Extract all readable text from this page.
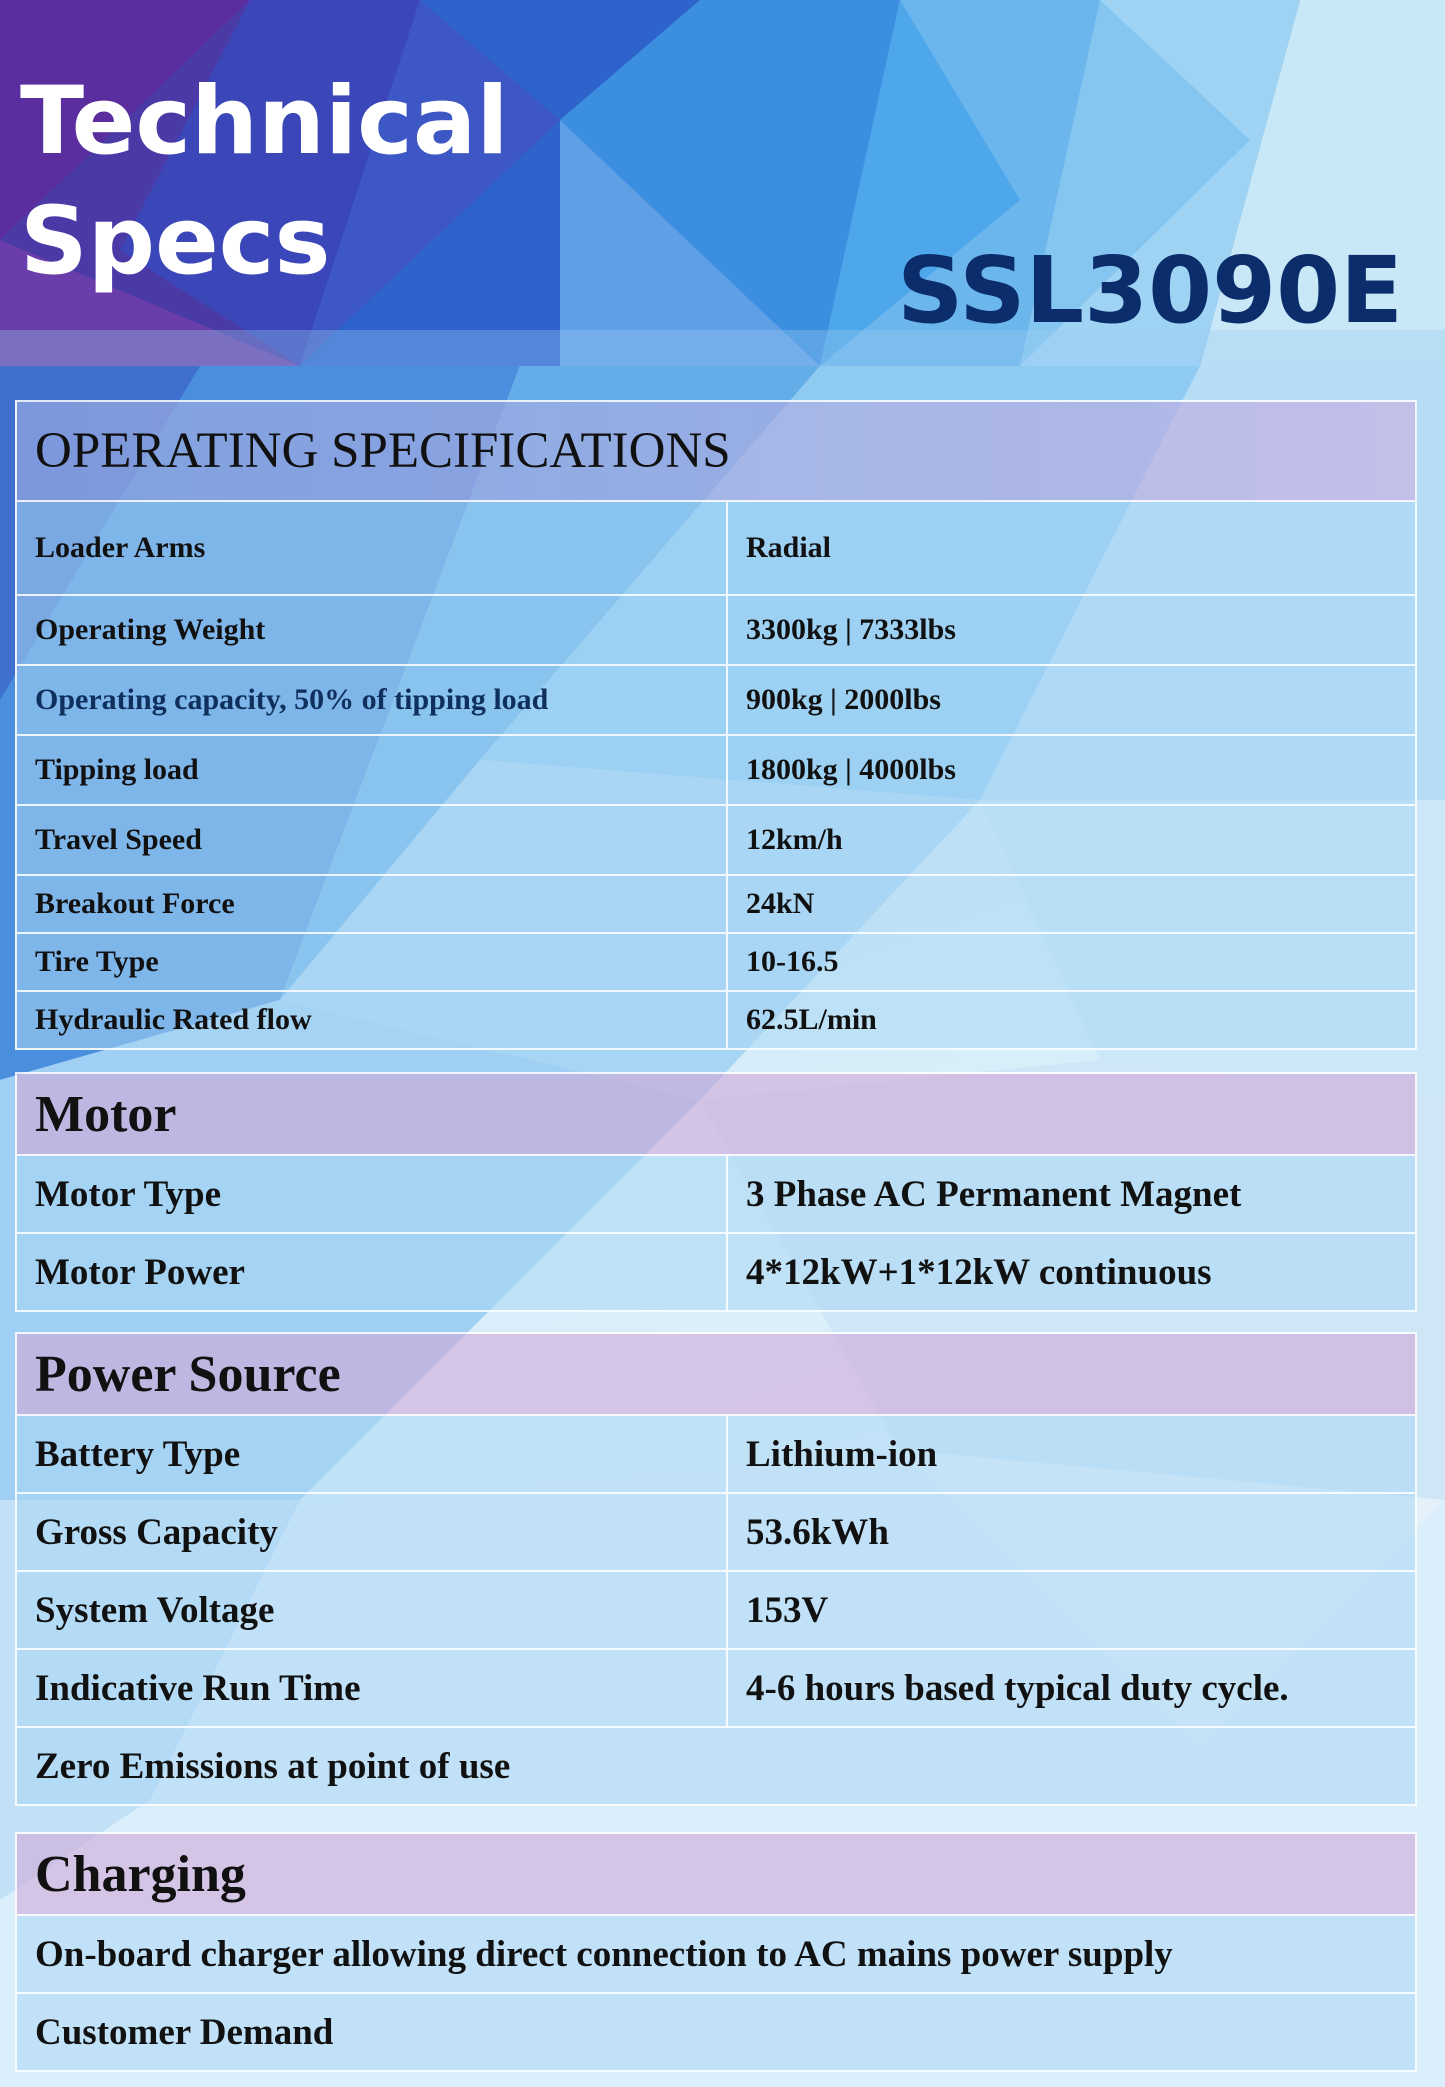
Technical
Specs	SSL3090E
OPERATING SPECIFICATIONS
Loader Arms	Radial
Operating Weight	3300kg | 7333lbs
Operating capacity, 50% of tipping load	900kg | 2000lbs
Tipping load	1800kg | 4000lbs
Travel Speed	12km/h
Breakout Force	24kN
Tire Type	10-16.5
Hydraulic Rated flow	62.5L/min
Motor
Motor Type	3 Phase AC Permanent Magnet
Motor Power	4*12kW+1*12kW continuous
Power Source
Battery Type	Lithium-ion
Gross Capacity	53.6kWh
System Voltage	153V
Indicative Run Time	4-6 hours based typical duty cycle.
Zero Emissions at point of use
Charging
On-board charger allowing direct connection to AC mains power supply
Customer Demand
